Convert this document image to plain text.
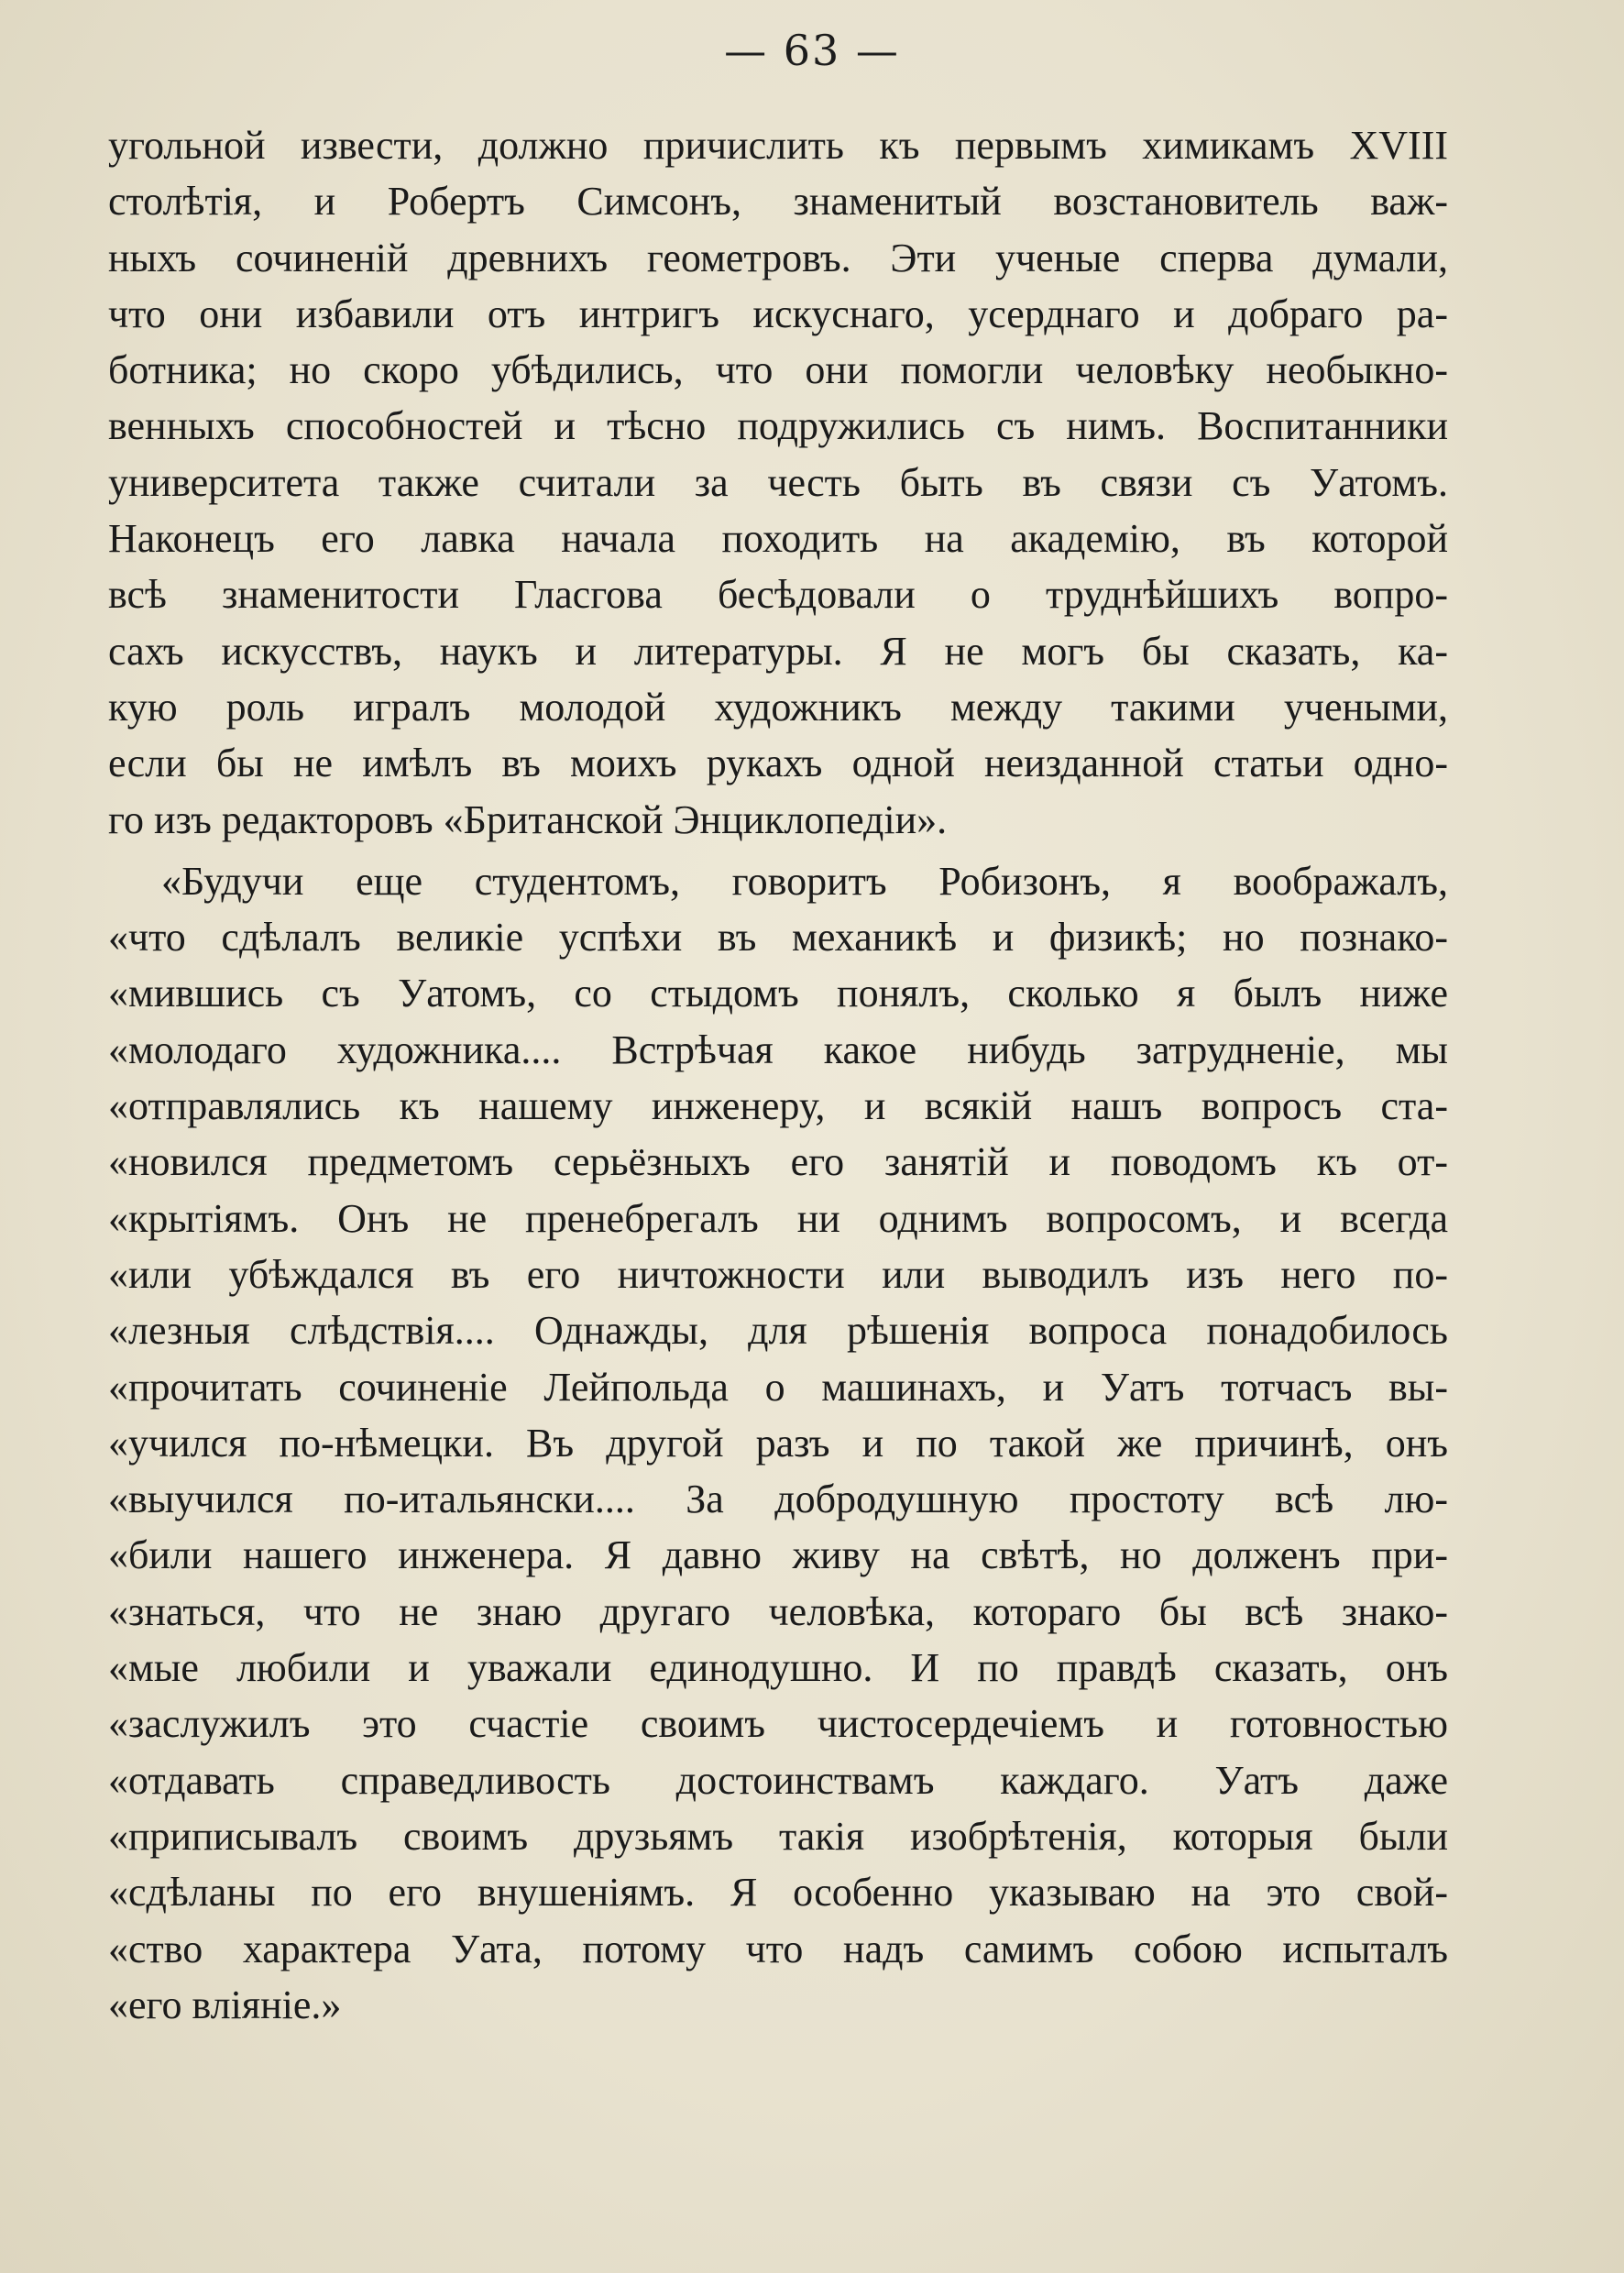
— 63 —
угольной извести, должно причислить къ первымъ химикамъ XVIII
столѣтія, и Робертъ Симсонъ, знаменитый возстановитель важ-
ныхъ сочиненій древнихъ геометровъ. Эти ученые сперва думали,
что они избавили отъ интригъ искуснаго, усерднаго и добраго ра-
ботника; но скоро убѣдились, что они помогли человѣку необыкно-
венныхъ способностей и тѣсно подружились съ нимъ. Воспитанники
университета также считали за честь быть въ связи съ Уатомъ.
Наконецъ его лавка начала походить на академію, въ которой
всѣ знаменитости Гласгова бесѣдовали о труднѣйшихъ вопро-
сахъ искусствъ, наукъ и литературы. Я не могъ бы сказать, ка-
кую роль игралъ молодой художникъ между такими учеными,
если бы не имѣлъ въ моихъ рукахъ одной неизданной статьи одно-
го изъ редакторовъ «Британской Энциклопедіи».
«Будучи еще студентомъ, говоритъ Робизонъ, я воображалъ,
«что сдѣлалъ великіе успѣхи въ механикѣ и физикѣ; но познако-
«мившись съ Уатомъ, со стыдомъ понялъ, сколько я былъ ниже
«молодаго художника.... Встрѣчая какое нибудь затрудненіе, мы
«отправлялись къ нашему инженеру, и всякій нашъ вопросъ ста-
«новился предметомъ серьёзныхъ его занятій и поводомъ къ от-
«крытіямъ. Онъ не пренебрегалъ ни однимъ вопросомъ, и всегда
«или убѣждался въ его ничтожности или выводилъ изъ него по-
«лезныя слѣдствія.... Однажды, для рѣшенія вопроса понадобилось
«прочитать сочиненіе Лейпольда о машинахъ, и Уатъ тотчасъ вы-
«учился по-нѣмецки. Въ другой разъ и по такой же причинѣ, онъ
«выучился по-итальянски.... За добродушную простоту всѣ лю-
«били нашего инженера. Я давно живу на свѣтѣ, но долженъ при-
«знаться, что не знаю другаго человѣка, котораго бы всѣ знако-
«мые любили и уважали единодушно. И по правдѣ сказать, онъ
«заслужилъ это счастіе своимъ чистосердечіемъ и готовностью
«отдавать справедливость достоинствамъ каждаго. Уатъ даже
«приписывалъ своимъ друзьямъ такія изобрѣтенія, которыя были
«сдѣланы по его внушеніямъ. Я особенно указываю на это свой-
«ство характера Уата, потому что надъ самимъ собою испыталъ
«его вліяніе.»
